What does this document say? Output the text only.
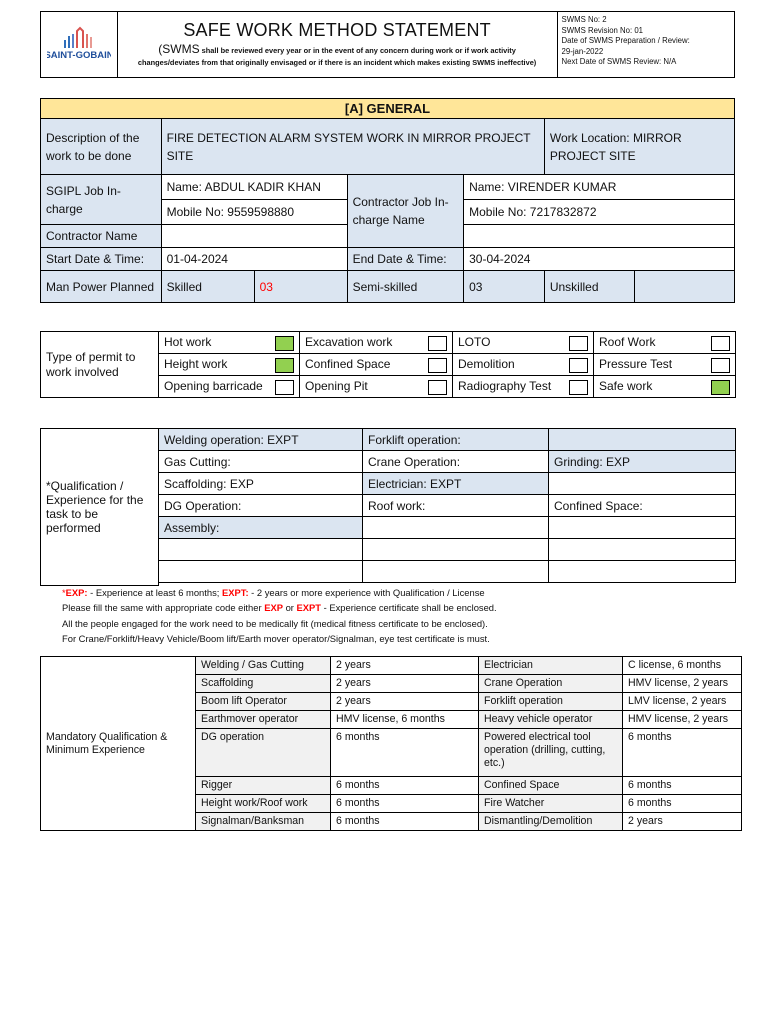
SAINT-GOBAIN

SAFE WORK METHOD STATEMENT
(SWMS shall be reviewed every year or in the event of any concern during work or if work activity
changes/deviates from that originally envisaged or if there is an incident which makes existing SWMS ineffective)

SWMS No: 2
SWMS Revision No: 01
Date of SWMS Preparation / Review:
29-jan-2022
Next Date of SWMS Review: N/A
[A] GENERAL						
Description of the work to be done	FIRE DETECTION ALARM SYSTEM WORK IN MIRROR PROJECT SITE				Work Location: MIRROR PROJECT SITE	
SGIPL Job In-charge	Name: ABDUL KADIR KHAN		Contractor Job In-charge Name	Name: VIRENDER KUMAR		
	Mobile No: 9559598880			Mobile No: 7217832872		
Contractor Name						
Start Date & Time:	01-04-2024		End Date & Time:	30-04-2024		
Man Power Planned	Skilled	03	Semi-skilled	03	Unskilled	
Type of permit to work involved	Hot work	Excavation work	LOTO	Roof Work

Height work	Confined Space	Demolition	Pressure Test

Opening barricade	Opening Pit	Radiography Test	Safe work
*Qualification / Experience for the task to be performed	Welding operation: EXPT	Forklift operation:	
	Gas Cutting:	Crane Operation:	Grinding: EXP
	Scaffolding: EXP	Electrician: EXPT	
	DG Operation:	Roof work:	Confined Space:
	Assembly:		

*EXP: - Experience at least 6 months; EXPT: - 2 years or more experience with Qualification / License
Please fill the same with appropriate code either EXP or EXPT - Experience certificate shall be enclosed.
All the people engaged for the work need to be medically fit (medical fitness certificate to be enclosed).
For Crane/Forklift/Heavy Vehicle/Boom lift/Earth mover operator/Signalman, eye test certificate is must.
Mandatory Qualification & Minimum Experience	Welding / Gas Cutting	2 years	Electrician	C license, 6 months
	Scaffolding	2 years	Crane Operation	HMV license, 2 years
	Boom lift Operator	2 years	Forklift operation	LMV license, 2 years
	Earthmover operator	HMV license, 6 months	Heavy vehicle operator	HMV license, 2 years
	DG operation	6 months	Powered electrical tool operation (drilling, cutting, etc.)	6 months
	Rigger	6 months	Confined Space	6 months
	Height work/Roof work	6 months	Fire Watcher	6 months
	Signalman/Banksman	6 months	Dismantling/Demolition	2 years
